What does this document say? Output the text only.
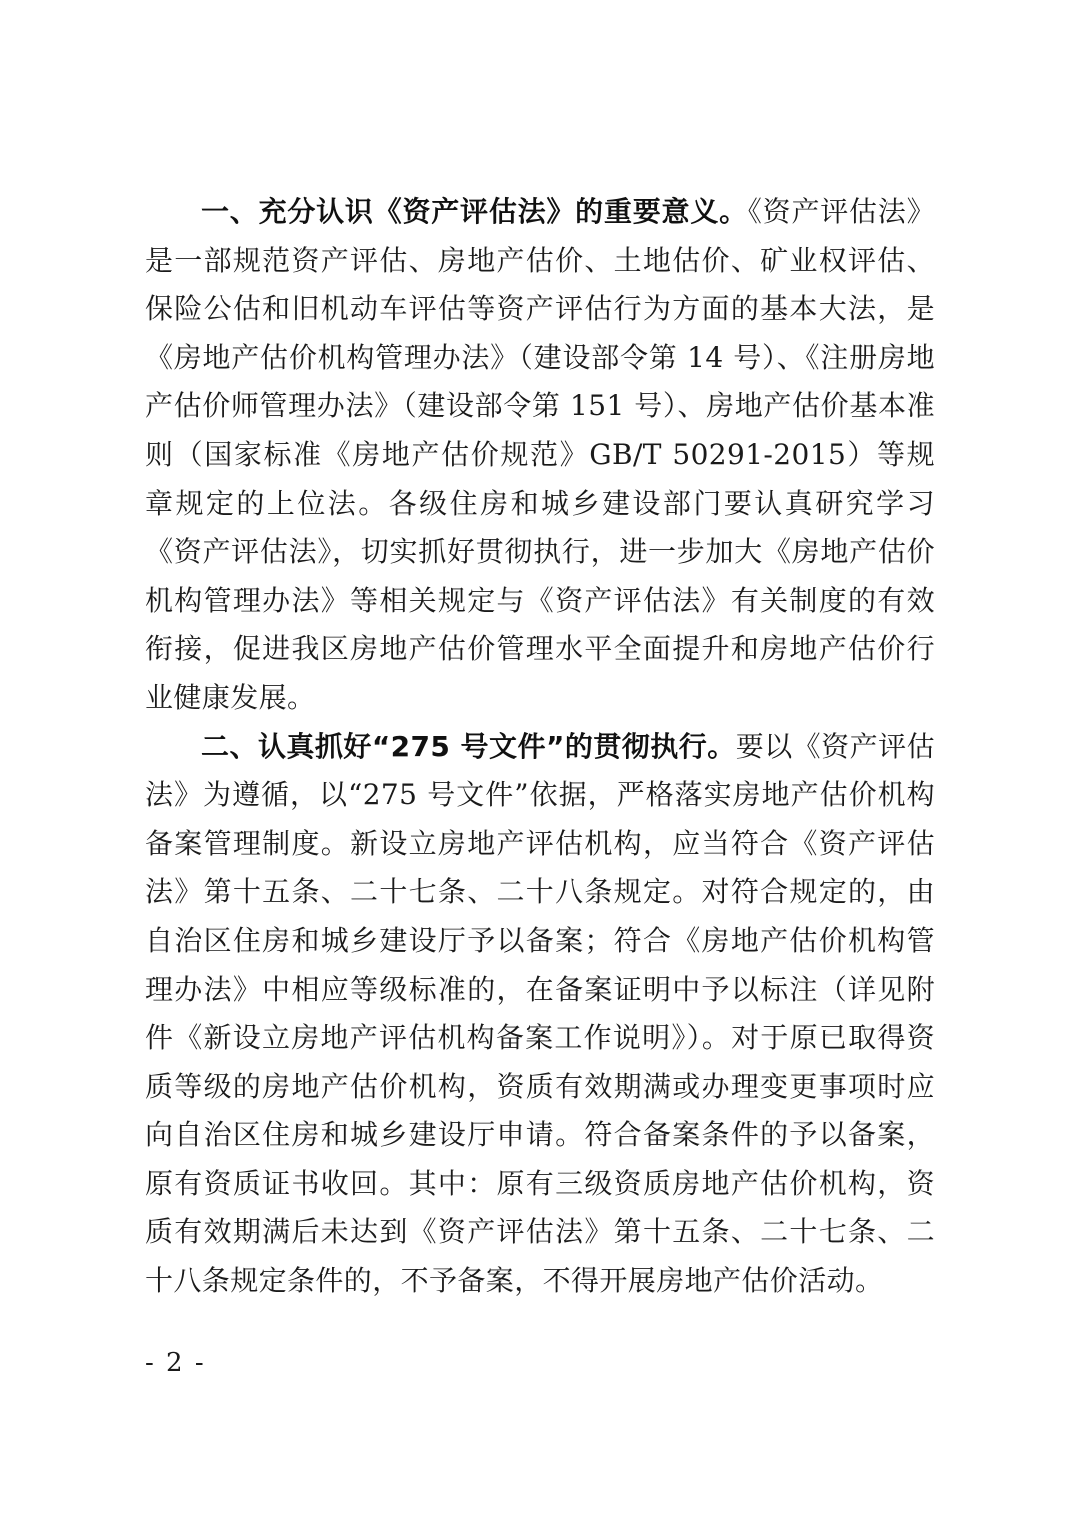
一、充分认识《资产评估法》的重要意义。《资产评估法》是一部规范资产评估、房地产估价、土地估价、矿业权评估、保险公估和旧机动车评估等资产评估行为方面的基本大法，是《房地产估价机构管理办法》（建设部令第 14 号）、《注册房地产估价师管理办法》（建设部令第 151 号）、房地产估价基本准则（国家标准《房地产估价规范》GB/T 50291-2015）等规章规定的上位法。各级住房和城乡建设部门要认真研究学习《资产评估法》，切实抓好贯彻执行，进一步加大《房地产估价机构管理办法》等相关规定与《资产评估法》有关制度的有效衔接，促进我区房地产估价管理水平全面提升和房地产估价行业健康发展。

二、认真抓好“275 号文件”的贯彻执行。要以《资产评估法》为遵循，以“275 号文件”依据，严格落实房地产估价机构备案管理制度。新设立房地产评估机构，应当符合《资产评估法》第十五条、二十七条、二十八条规定。对符合规定的，由自治区住房和城乡建设厅予以备案；符合《房地产估价机构管理办法》中相应等级标准的，在备案证明中予以标注（详见附件《新设立房地产评估机构备案工作说明》）。对于原已取得资质等级的房地产估价机构，资质有效期满或办理变更事项时应向自治区住房和城乡建设厅申请。符合备案条件的予以备案，原有资质证书收回。其中：原有三级资质房地产估价机构，资质有效期满后未达到《资产评估法》第十五条、二十七条、二十八条规定条件的，不予备案，不得开展房地产估价活动。

- 2 -
